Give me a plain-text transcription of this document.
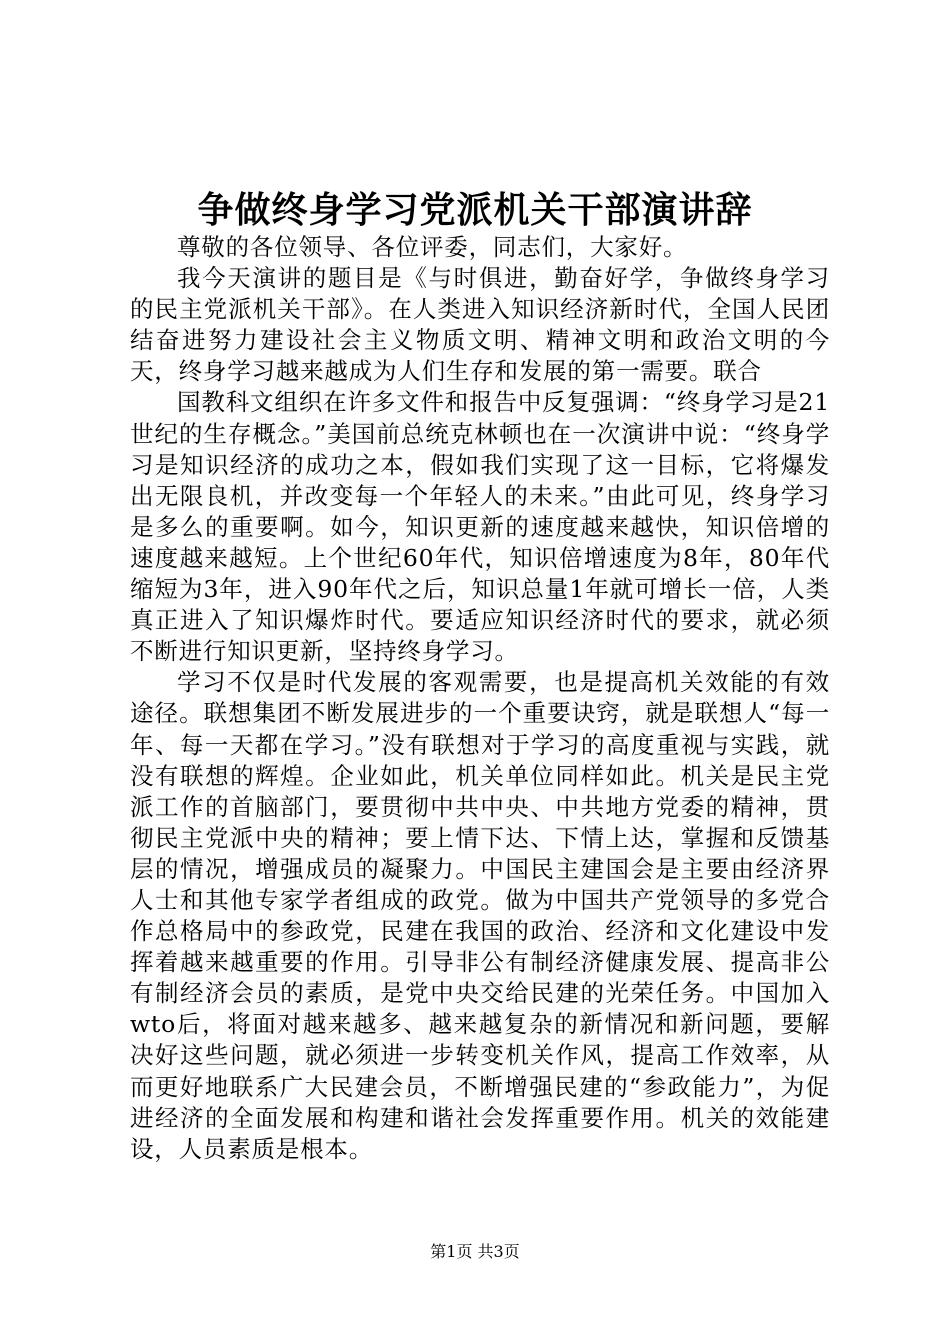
争做终身学习党派机关干部演讲辞

尊敬的各位领导、各位评委，同志们，大家好。

我今天演讲的题目是《与时俱进，勤奋好学，争做终身学习的民主党派机关干部》。在人类进入知识经济新时代，全国人民团结奋进努力建设社会主义物质文明、精神文明和政治文明的今天，终身学习越来越成为人们生存和发展的第一需要。联合

国教科文组织在许多文件和报告中反复强调：“终身学习是21世纪的生存概念。”美国前总统克林顿也在一次演讲中说：“终身学习是知识经济的成功之本，假如我们实现了这一目标，它将爆发出无限良机，并改变每一个年轻人的未来。”由此可见，终身学习是多么的重要啊。如今，知识更新的速度越来越快，知识倍增的速度越来越短。上个世纪60年代，知识倍增速度为8年，80年代缩短为3年，进入90年代之后，知识总量1年就可增长一倍，人类真正进入了知识爆炸时代。要适应知识经济时代的要求，就必须不断进行知识更新，坚持终身学习。

学习不仅是时代发展的客观需要，也是提高机关效能的有效途径。联想集团不断发展进步的一个重要诀窍，就是联想人“每一年、每一天都在学习。”没有联想对于学习的高度重视与实践，就没有联想的辉煌。企业如此，机关单位同样如此。机关是民主党派工作的首脑部门，要贯彻中共中央、中共地方党委的精神，贯彻民主党派中央的精神；要上情下达、下情上达，掌握和反馈基层的情况，增强成员的凝聚力。中国民主建国会是主要由经济界人士和其他专家学者组成的政党。做为中国共产党领导的多党合作总格局中的参政党，民建在我国的政治、经济和文化建设中发挥着越来越重要的作用。引导非公有制经济健康发展、提高非公有制经济会员的素质，是党中央交给民建的光荣任务。中国加入wto后，将面对越来越多、越来越复杂的新情况和新问题，要解决好这些问题，就必须进一步转变机关作风，提高工作效率，从而更好地联系广大民建会员，不断增强民建的“参政能力”，为促进经济的全面发展和构建和谐社会发挥重要作用。机关的效能建设，人员素质是根本。

第1页 共3页
